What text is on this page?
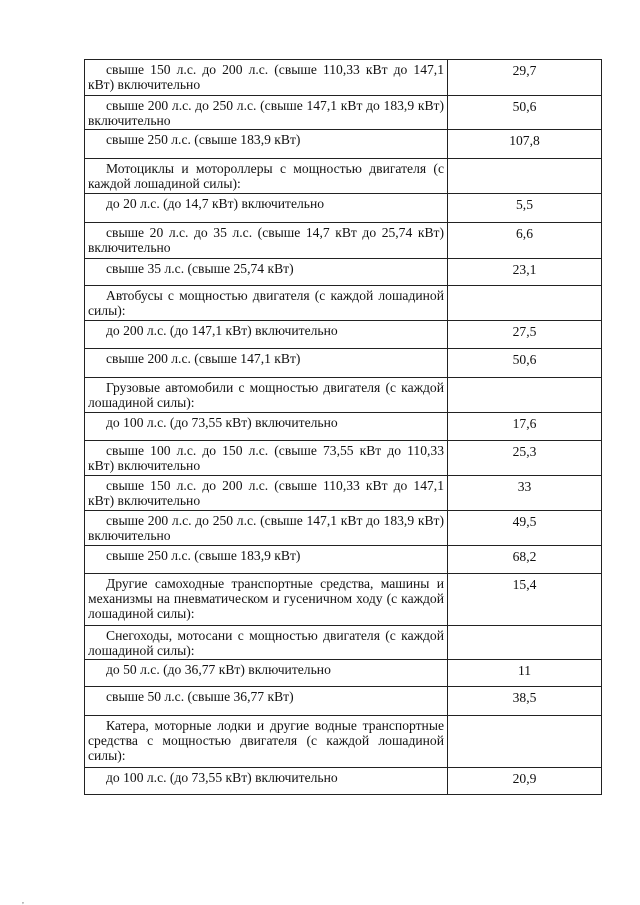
свыше 150 л.с. до 200 л.с. (свыше 110,33 кВт до 147,1 кВт) включительно	29,7

свыше 200 л.с. до 250 л.с. (свыше 147,1 кВт до 183,9 кВт) включительно	50,6

свыше 250 л.с. (свыше 183,9 кВт)	107,8

Мотоциклы и мотороллеры с мощностью двигателя (с каждой лошадиной силы):	

до 20 л.с. (до 14,7 кВт) включительно	5,5

свыше 20 л.с. до 35 л.с. (свыше 14,7 кВт до 25,74 кВт) включительно	6,6

свыше 35 л.с. (свыше 25,74 кВт)	23,1

Автобусы с мощностью двигателя (с каждой лошадиной силы):	

до 200 л.с. (до 147,1 кВт) включительно	27,5

свыше 200 л.с. (свыше 147,1 кВт)	50,6

Грузовые автомобили с мощностью двигателя (с каждой лошадиной силы):	

до 100 л.с. (до 73,55 кВт) включительно	17,6

свыше 100 л.с. до 150 л.с. (свыше 73,55 кВт до 110,33 кВт) включительно	25,3

свыше 150 л.с. до 200 л.с. (свыше 110,33 кВт до 147,1 кВт) включительно	33

свыше 200 л.с. до 250 л.с. (свыше 147,1 кВт до 183,9 кВт) включительно	49,5

свыше 250 л.с. (свыше 183,9 кВт)	68,2

Другие самоходные транспортные средства, машины и механизмы на пневматическом и гусеничном ходу (с каждой лошадиной силы):	15,4

Снегоходы, мотосани с мощностью двигателя (с каждой лошадиной силы):	

до 50 л.с. (до 36,77 кВт) включительно	11

свыше 50 л.с. (свыше 36,77 кВт)	38,5

Катера, моторные лодки и другие водные транспортные средства с мощностью двигателя (с каждой лошадиной силы):	

до 100 л.с. (до 73,55 кВт) включительно	20,9
,
